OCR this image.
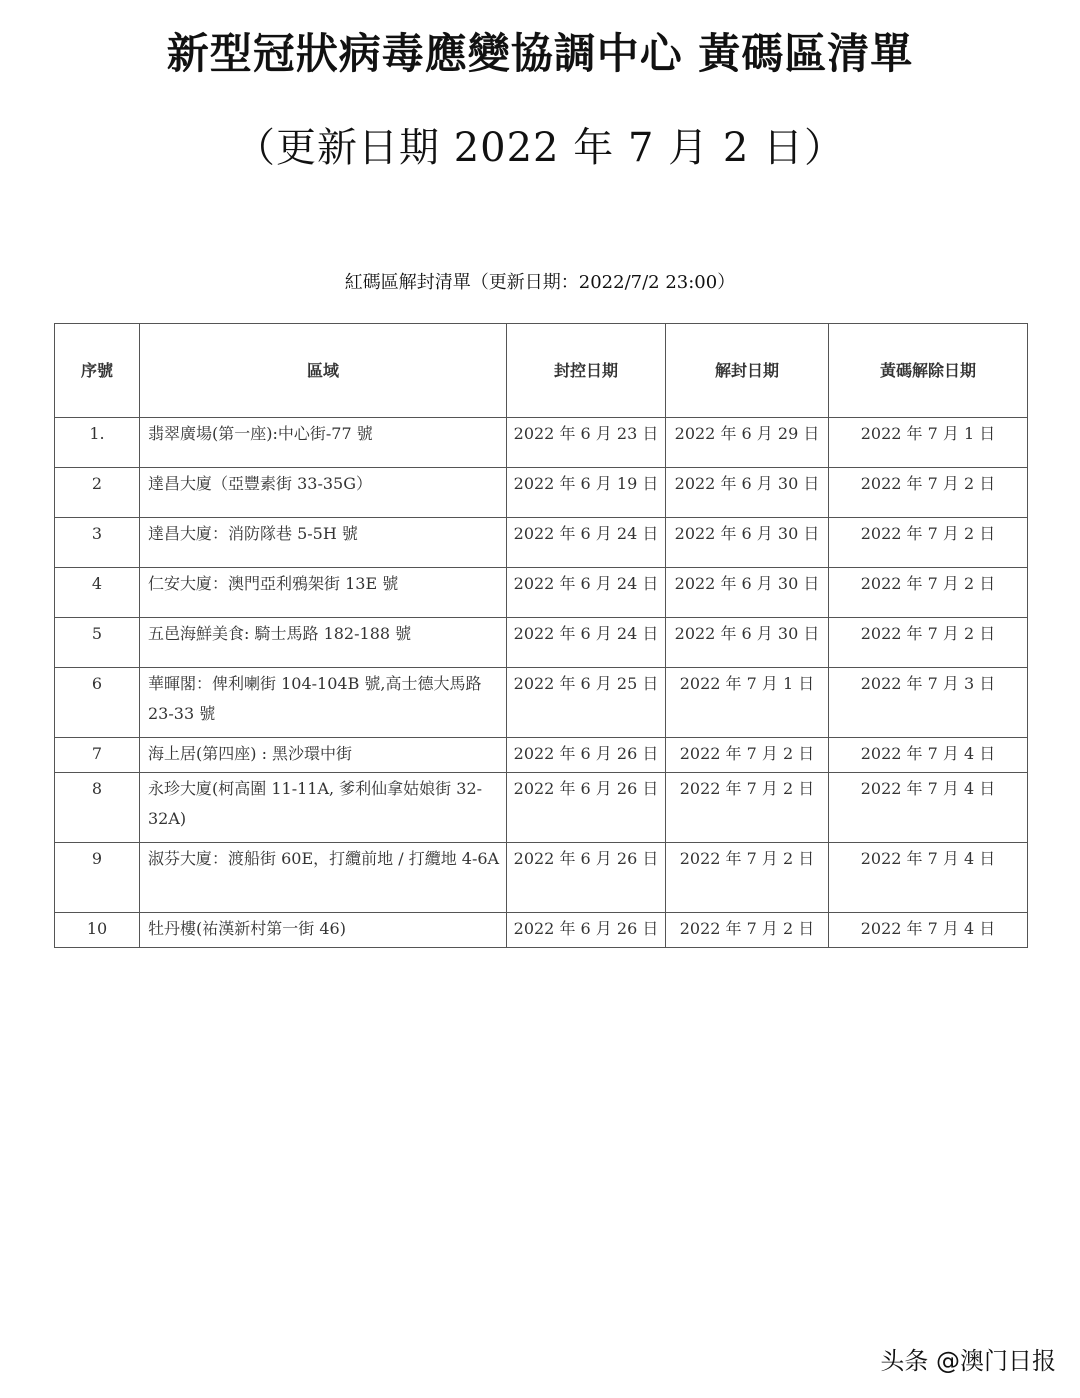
新型冠狀病毒應變協調中心 黃碼區清單
（更新日期 2022 年 7 月 2 日）
紅碼區解封清單（更新日期：2022/7/2 23:00）
序號	區域	封控日期	解封日期	黃碼解除日期
1.	翡翠廣場(第一座):中心街-77 號	2022 年 6 月 23 日	2022 年 6 月 29 日	2022 年 7 月 1 日
2	達昌大廈（亞豐素街 33-35G）	2022 年 6 月 19 日	2022 年 6 月 30 日	2022 年 7 月 2 日
3	達昌大廈：消防隊巷 5-5H 號	2022 年 6 月 24 日	2022 年 6 月 30 日	2022 年 7 月 2 日
4	仁安大廈：澳門亞利鴉架街 13E 號	2022 年 6 月 24 日	2022 年 6 月 30 日	2022 年 7 月 2 日
5	五邑海鮮美食: 騎士馬路 182-188 號	2022 年 6 月 24 日	2022 年 6 月 30 日	2022 年 7 月 2 日
6	華暉閣：俾利喇街 104-104B 號,高士德大馬路 23-33 號	2022 年 6 月 25 日	2022 年 7 月 1 日	2022 年 7 月 3 日
7	海上居(第四座) : 黑沙環中街	2022 年 6 月 26 日	2022 年 7 月 2 日	2022 年 7 月 4 日
8	永珍大廈(柯高圍 11-11A, 爹利仙拿姑娘街 32-32A)	2022 年 6 月 26 日	2022 年 7 月 2 日	2022 年 7 月 4 日
9	淑芬大廈：渡船街 60E，打纜前地 / 打纜地 4-6A	2022 年 6 月 26 日	2022 年 7 月 2 日	2022 年 7 月 4 日
10	牡丹樓(祐漢新村第一街 46)	2022 年 6 月 26 日	2022 年 7 月 2 日	2022 年 7 月 4 日
头条 @澳门日报
